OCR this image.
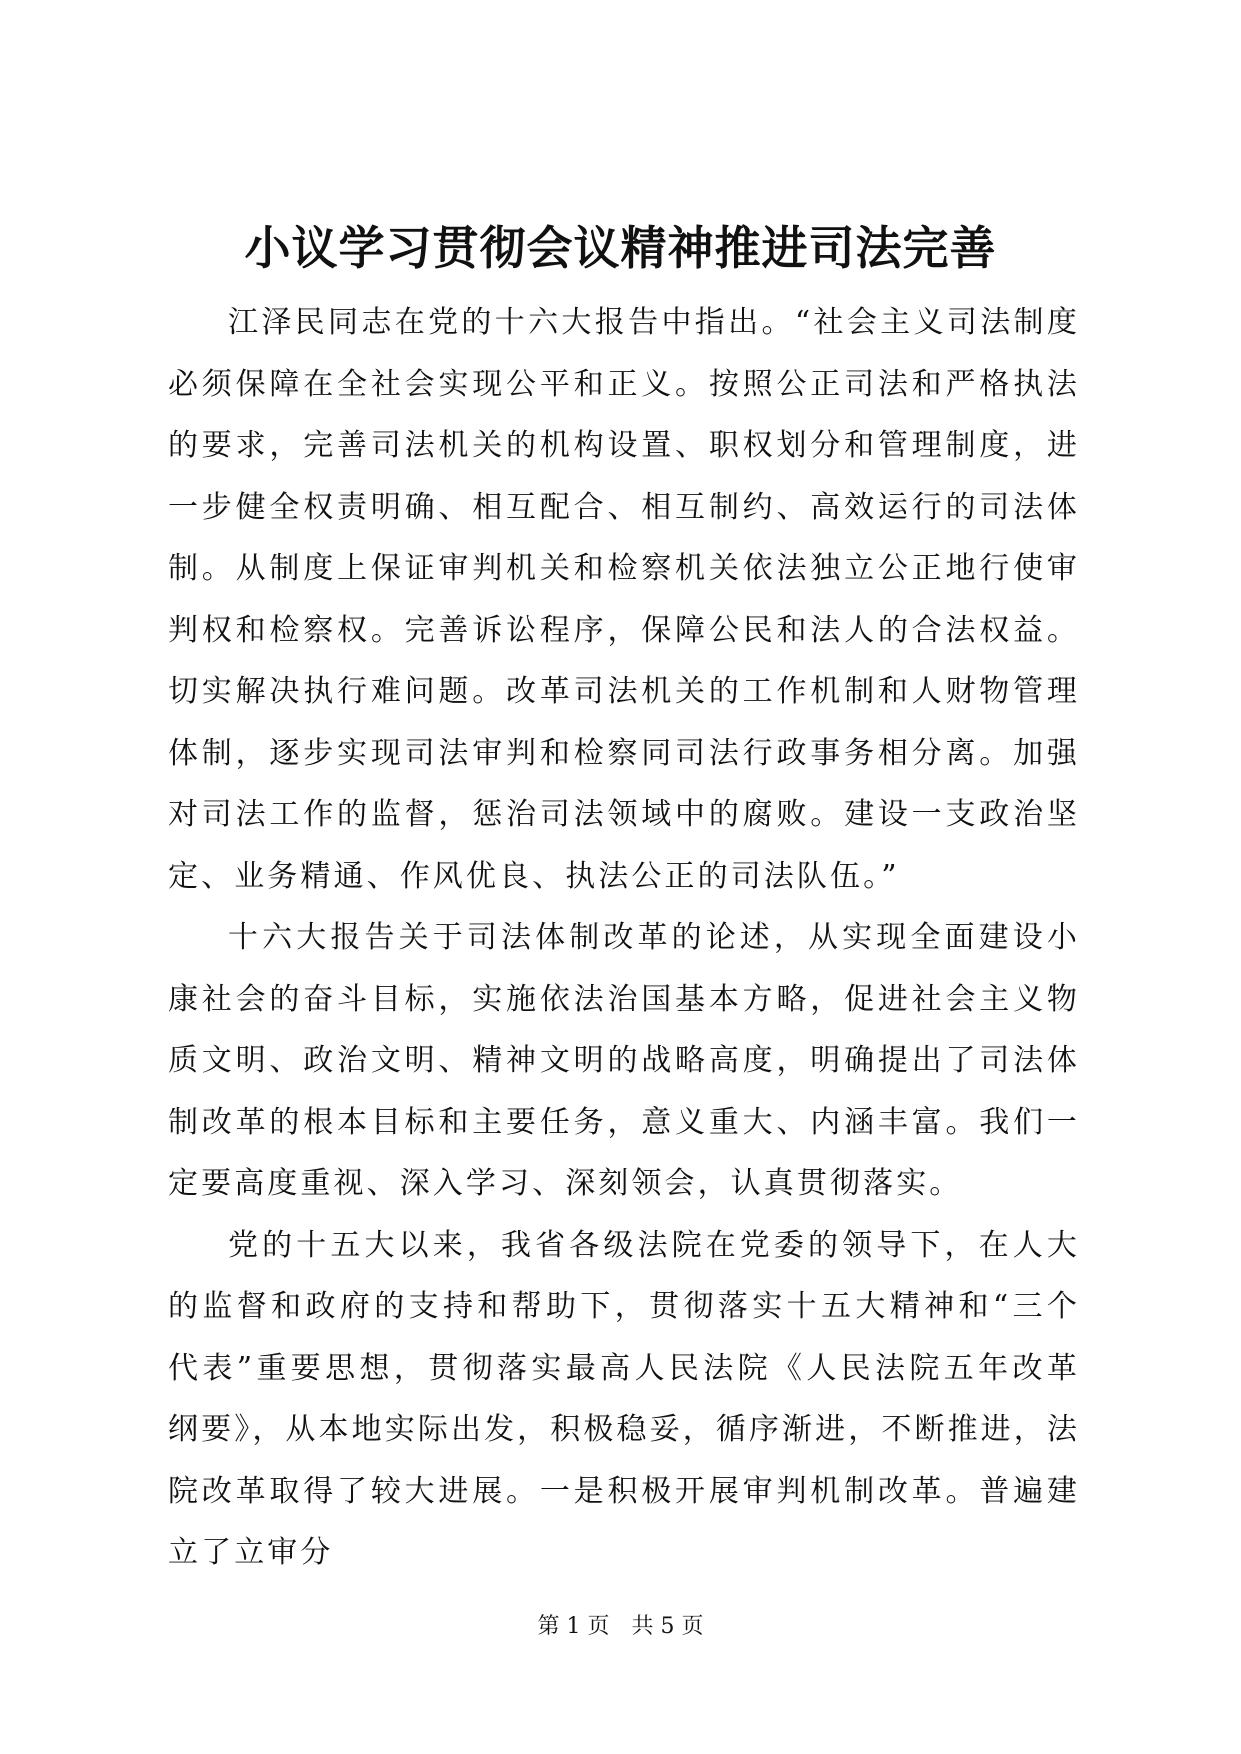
小议学习贯彻会议精神推进司法完善

江泽民同志在党的十六大报告中指出。“社会主义司法制度必须保障在全社会实现公平和正义。按照公正司法和严格执法的要求，完善司法机关的机构设置、职权划分和管理制度，进一步健全权责明确、相互配合、相互制约、高效运行的司法体制。从制度上保证审判机关和检察机关依法独立公正地行使审判权和检察权。完善诉讼程序，保障公民和法人的合法权益。切实解决执行难问题。改革司法机关的工作机制和人财物管理体制，逐步实现司法审判和检察同司法行政事务相分离。加强对司法工作的监督，惩治司法领域中的腐败。建设一支政治坚定、业务精通、作风优良、执法公正的司法队伍。”

十六大报告关于司法体制改革的论述，从实现全面建设小康社会的奋斗目标，实施依法治国基本方略，促进社会主义物质文明、政治文明、精神文明的战略高度，明确提出了司法体制改革的根本目标和主要任务，意义重大、内涵丰富。我们一定要高度重视、深入学习、深刻领会，认真贯彻落实。

党的十五大以来，我省各级法院在党委的领导下，在人大的监督和政府的支持和帮助下，贯彻落实十五大精神和“三个代表”重要思想，贯彻落实最高人民法院《人民法院五年改革纲要》，从本地实际出发，积极稳妥，循序渐进，不断推进，法院改革取得了较大进展。一是积极开展审判机制改革。普遍建立了立审分

第 1 页 共 5 页
